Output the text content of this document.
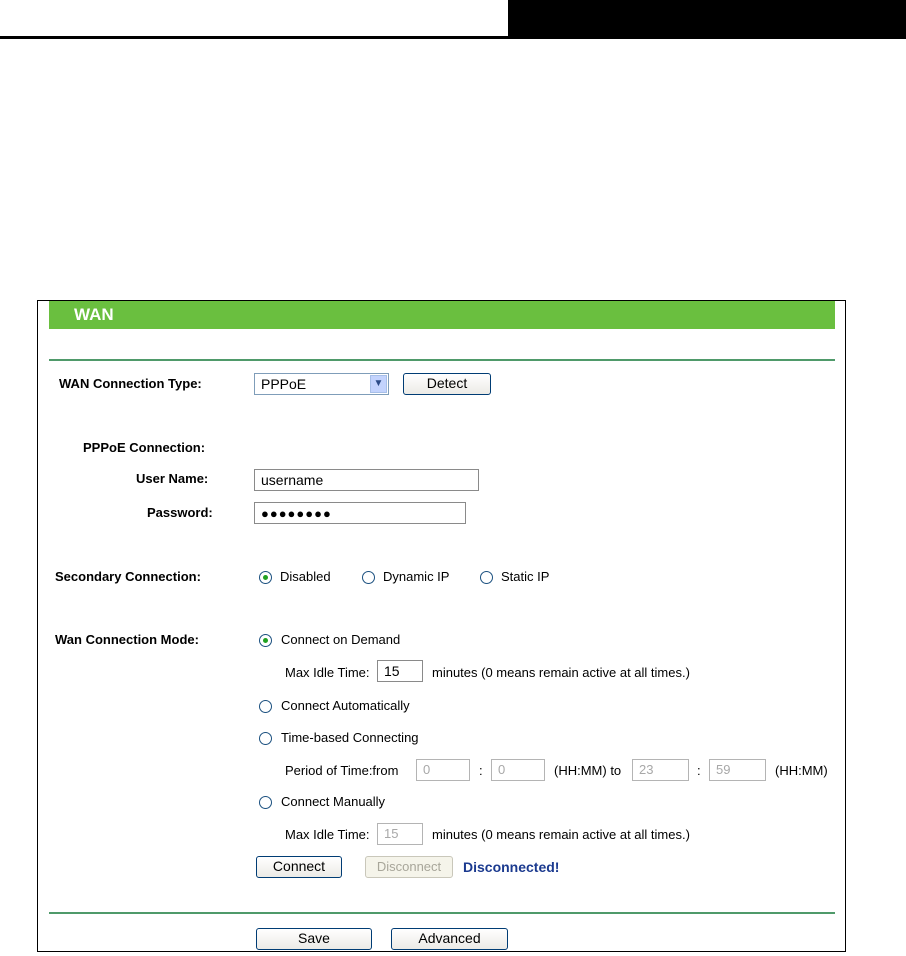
WAN
WAN Connection Type:	PPPoE	▼	Detect
PPPoE Connection:
User Name:	username
Password:	●●●●●●●●
Secondary Connection:	Disabled	Dynamic IP	Static IP
Wan Connection Mode:	Connect on Demand
Max Idle Time:	15	minutes (0 means remain active at all times.)
Connect Automatically
Time-based Connecting
Period of Time:from	0	:	0	(HH:MM) to	23	:	59	(HH:MM)
Connect Manually
Max Idle Time:	15	minutes (0 means remain active at all times.)
Connect	Disconnect	Disconnected!
Save	Advanced
